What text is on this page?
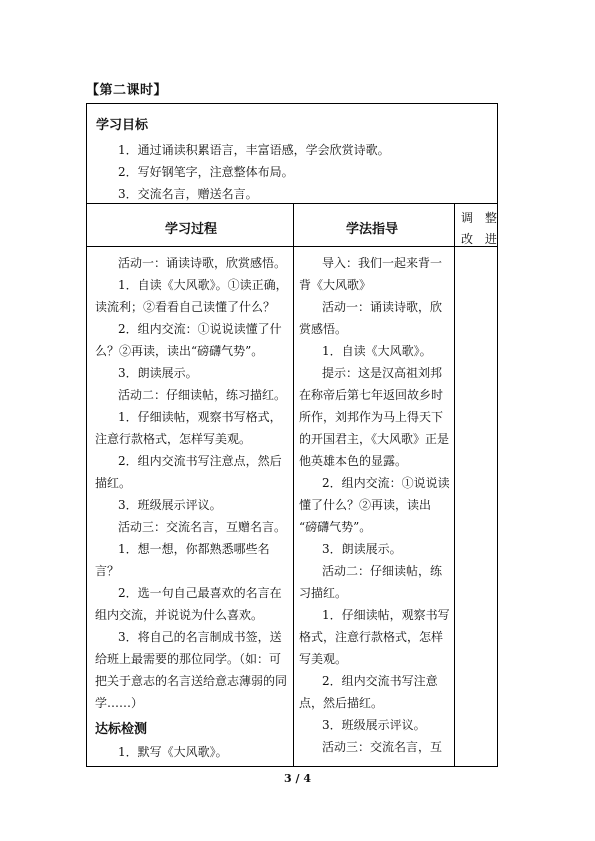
【第二课时】
学习目标
1．通过诵读积累语言，丰富语感，学会欣赏诗歌。
2．写好钢笔字，注意整体布局。
3．交流名言，赠送名言。
学习过程	学法指导
调 整
改 进
活动一：诵读诗歌，欣赏感悟。
1．自读《大风歌》。①读正确，
读流利；②看看自己读懂了什么？
2．组内交流：①说说读懂了什
么？②再读，读出“磅礴气势”。
3．朗读展示。
活动二：仔细读帖，练习描红。
1．仔细读帖，观察书写格式，
注意行款格式，怎样写美观。
2．组内交流书写注意点，然后
描红。
3．班级展示评议。
活动三：交流名言，互赠名言。
1．想一想，你都熟悉哪些名
言？
2．选一句自己最喜欢的名言在
组内交流，并说说为什么喜欢。
3．将自己的名言制成书签，送
给班上最需要的那位同学。（如：可
把关于意志的名言送给意志薄弱的同
学……）
达标检测
1．默写《大风歌》。
导入：我们一起来背一
背《大风歌》
活动一：诵读诗歌，欣
赏感悟。
1．自读《大风歌》。
提示：这是汉高祖刘邦
在称帝后第七年返回故乡时
所作，刘邦作为马上得天下
的开国君主，《大风歌》正是
他英雄本色的显露。
2．组内交流：①说说读
懂了什么？②再读，读出
“磅礴气势”。
3．朗读展示。
活动二：仔细读帖，练
习描红。
1．仔细读帖，观察书写
格式，注意行款格式，怎样
写美观。
2．组内交流书写注意
点，然后描红。
3．班级展示评议。
活动三：交流名言，互
3 / 4
